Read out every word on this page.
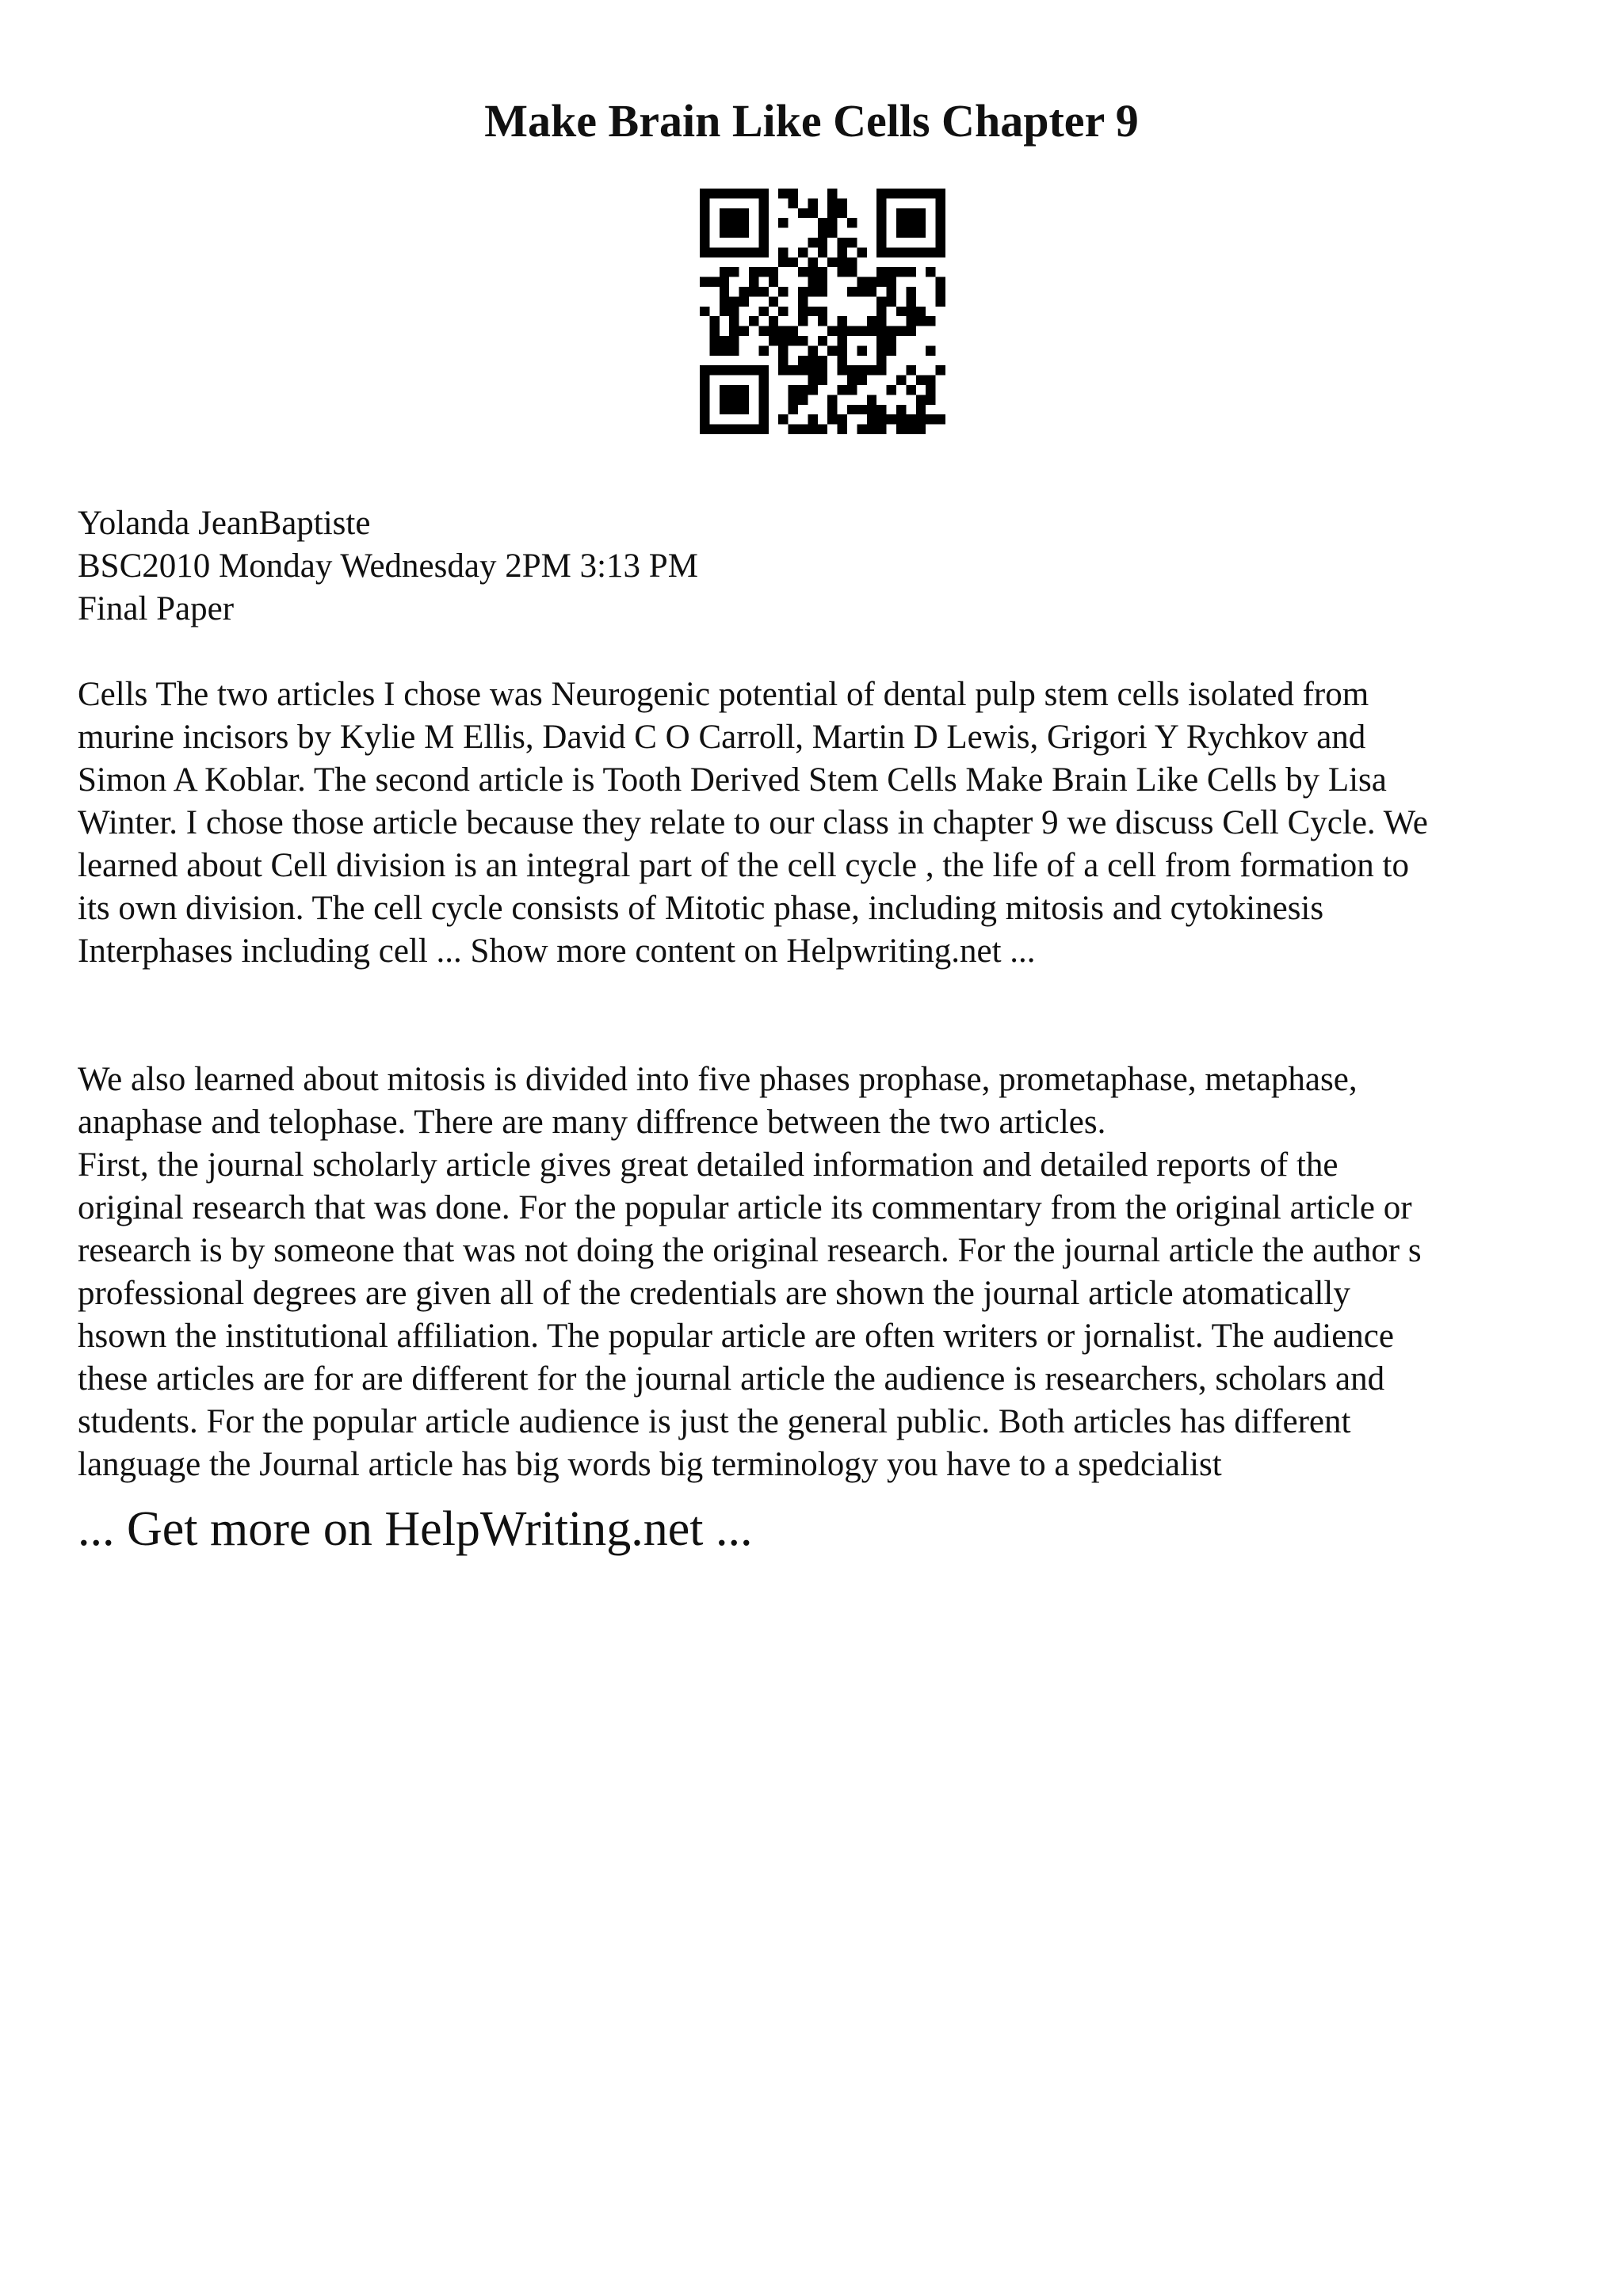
Make Brain Like Cells Chapter 9
Yolanda JeanBaptiste
BSC2010 Monday Wednesday 2PM 3:13 PM
Final Paper
Cells The two articles I chose was Neurogenic potential of dental pulp stem cells isolated from
murine incisors by Kylie M Ellis, David C O Carroll, Martin D Lewis, Grigori Y Rychkov and
Simon A Koblar. The second article is Tooth Derived Stem Cells Make Brain Like Cells by Lisa
Winter. I chose those article because they relate to our class in chapter 9 we discuss Cell Cycle. We
learned about Cell division is an integral part of the cell cycle , the life of a cell from formation to
its own division. The cell cycle consists of Mitotic phase, including mitosis and cytokinesis
Interphases including cell ... Show more content on Helpwriting.net ...
We also learned about mitosis is divided into five phases prophase, prometaphase, metaphase,
anaphase and telophase. There are many diffrence between the two articles.
First, the journal scholarly article gives great detailed information and detailed reports of the
original research that was done. For the popular article its commentary from the original article or
research is by someone that was not doing the original research. For the journal article the author s
professional degrees are given all of the credentials are shown the journal article atomatically
hsown the institutional affiliation. The popular article are often writers or jornalist. The audience
these articles are for are different for the journal article the audience is researchers, scholars and
students. For the popular article audience is just the general public. Both articles has different
language the Journal article has big words big terminology you have to a spedcialist
... Get more on HelpWriting.net ...
